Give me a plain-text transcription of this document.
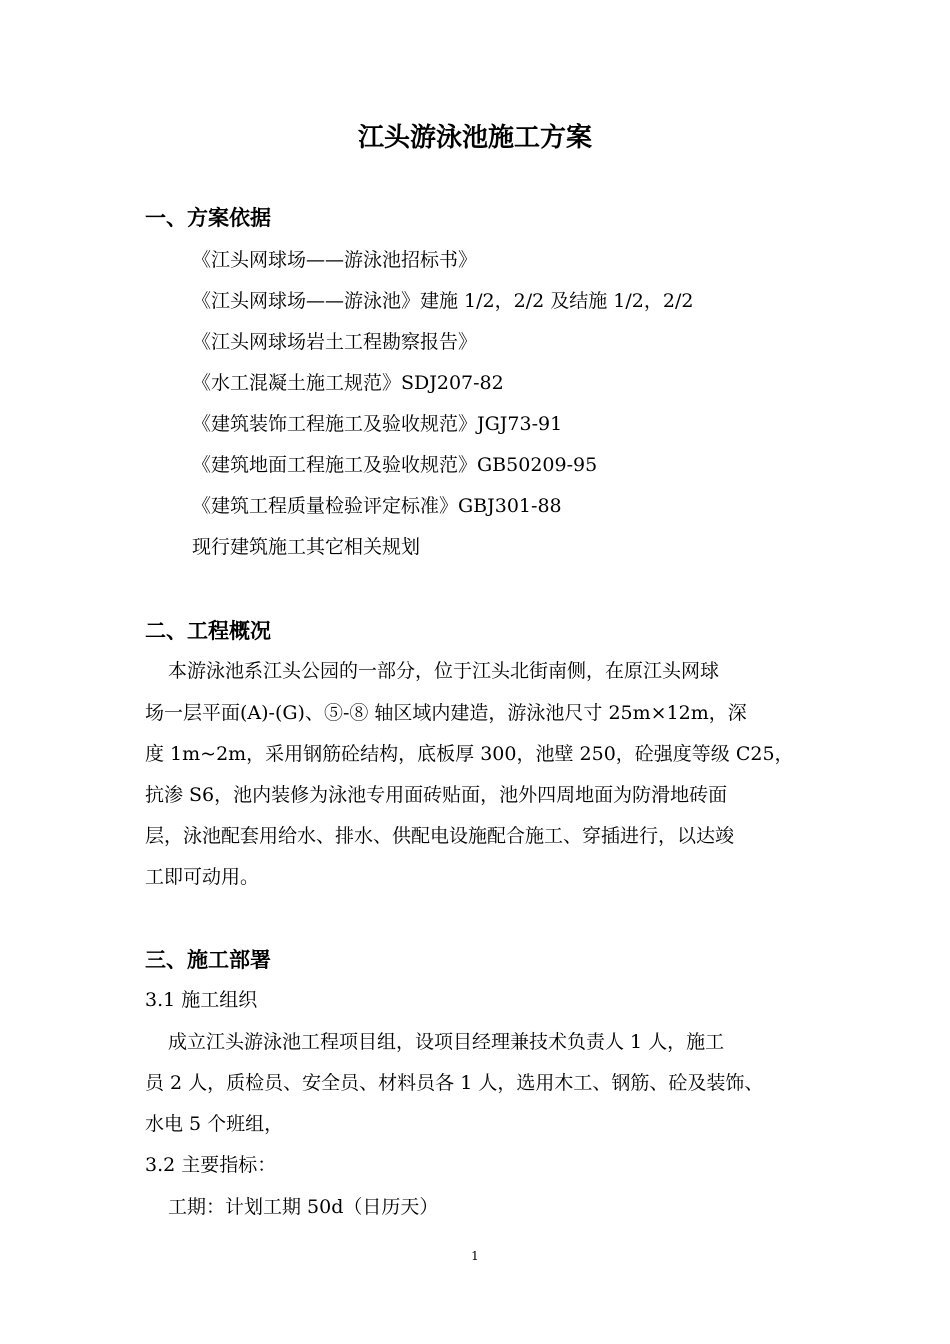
江头游泳池施工方案
一、方案依据
《江头网球场——游泳池招标书》
《江头网球场——游泳池》建施 1/2，2/2 及结施 1/2，2/2
《江头网球场岩土工程勘察报告》
《水工混凝土施工规范》SDJ207-82
《建筑装饰工程施工及验收规范》JGJ73-91
《建筑地面工程施工及验收规范》GB50209-95
《建筑工程质量检验评定标准》GBJ301-88
现行建筑施工其它相关规划
二、工程概况
本游泳池系江头公园的一部分，位于江头北街南侧，在原江头网球
场一层平面(A)-(G)、⑤-⑧ 轴区域内建造，游泳池尺寸 25m×12m，深
度 1m~2m，采用钢筋砼结构，底板厚 300，池壁 250，砼强度等级 C25，
抗渗 S6，池内装修为泳池专用面砖贴面，池外四周地面为防滑地砖面
层，泳池配套用给水、排水、供配电设施配合施工、穿插进行，以达竣
工即可动用。
三、施工部署
3.1 施工组织
成立江头游泳池工程项目组，设项目经理兼技术负责人 1 人，施工
员 2 人，质检员、安全员、材料员各 1 人，选用木工、钢筋、砼及装饰、
水电 5 个班组，
3.2 主要指标：
工期：计划工期 50d（日历天）
1
